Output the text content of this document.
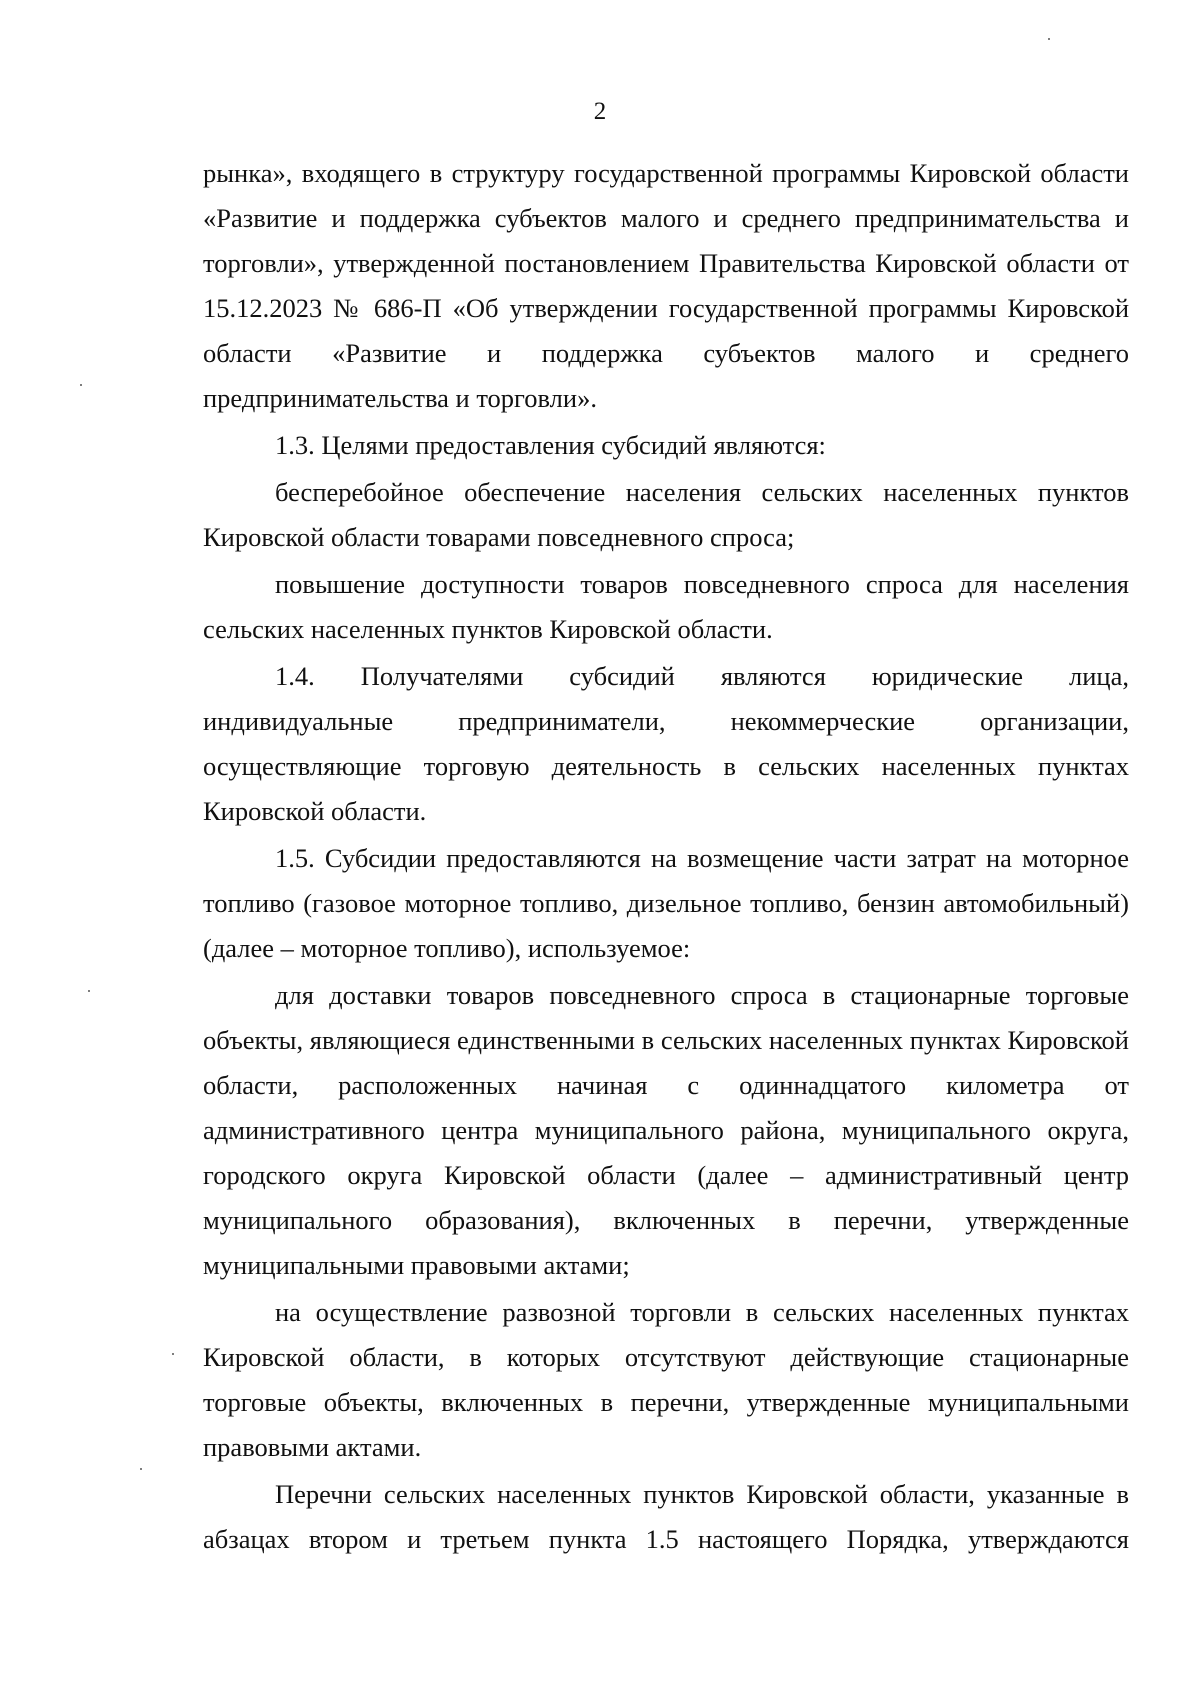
2

рынка», входящего в структуру государственной программы Кировской области «Развитие и поддержка субъектов малого и среднего предпринимательства и торговли», утвержденной постановлением Правительства Кировской области от 15.12.2023 № 686-П «Об утверждении государственной программы Кировской области «Развитие и поддержка субъектов малого и среднего предпринимательства и торговли».

1.3. Целями предоставления субсидий являются:

бесперебойное обеспечение населения сельских населенных пунктов Кировской области товарами повседневного спроса;

повышение доступности товаров повседневного спроса для населения сельских населенных пунктов Кировской области.

1.4. Получателями субсидий являются юридические лица, индивидуальные предприниматели, некоммерческие организации, осуществляющие торговую деятельность в сельских населенных пунктах Кировской области.

1.5. Субсидии предоставляются на возмещение части затрат на моторное топливо (газовое моторное топливо, дизельное топливо, бензин автомобильный) (далее – моторное топливо), используемое:

для доставки товаров повседневного спроса в стационарные торговые объекты, являющиеся единственными в сельских населенных пунктах Кировской области, расположенных начиная с одиннадцатого километра от административного центра муниципального района, муниципального округа, городского округа Кировской области (далее – административный центр муниципального образования), включенных в перечни, утвержденные муниципальными правовыми актами;

на осуществление развозной торговли в сельских населенных пунктах Кировской области, в которых отсутствуют действующие стационарные торговые объекты, включенных в перечни, утвержденные муниципальными правовыми актами.

Перечни сельских населенных пунктов Кировской области, указанные в абзацах втором и третьем пункта 1.5 настоящего Порядка, утверждаются
